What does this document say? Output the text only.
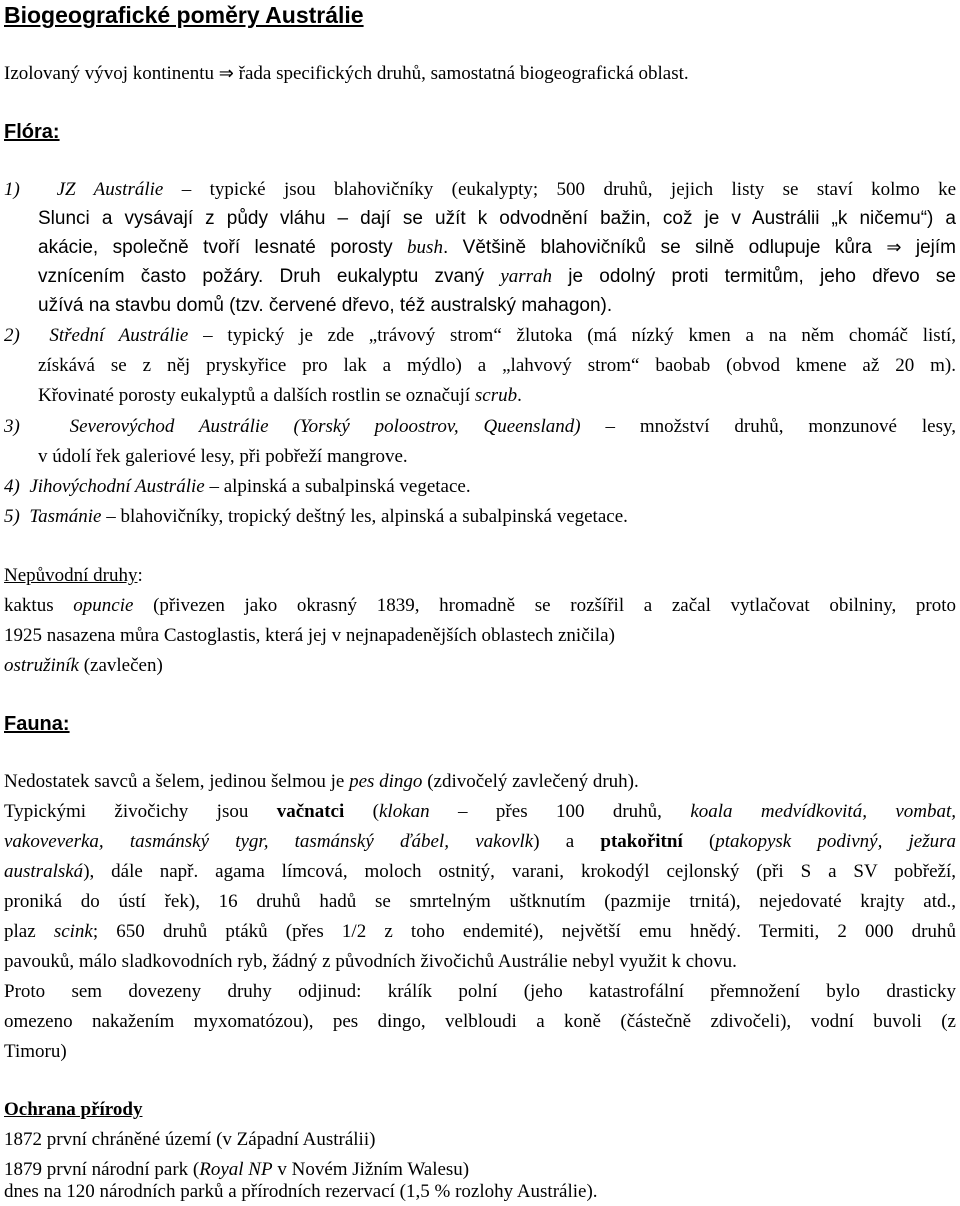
Biogeografické poměry Austrálie
Izolovaný vývoj kontinentu ⇒ řada specifických druhů, samostatná biogeografická oblast.
Flóra:
1) JZ Austrálie – typické jsou blahovičníky (eukalypty; 500 druhů, jejich listy se staví kolmo ke
Slunci a vysávají z půdy vláhu – dají se užít k odvodnění bažin, což je v Austrálii „k ničemu“) a
akácie, společně tvoří lesnaté porosty bush. Většině blahovičníků se silně odlupuje kůra ⇒ jejím
vznícením často požáry. Druh eukalyptu zvaný yarrah je odolný proti termitům, jeho dřevo se
užívá na stavbu domů (tzv. červené dřevo, též australský mahagon).
2) Střední Austrálie – typický je zde „trávový strom“ žlutoka (má nízký kmen a na něm chomáč listí,
získává se z něj pryskyřice pro lak a mýdlo) a „lahvový strom“ baobab (obvod kmene až 20 m).
Křovinaté porosty eukalyptů a dalších rostlin se označují scrub.
3)	Severovýchod Austrálie (Yorský poloostrov, Queensland) – množství druhů, monzunové lesy,
v údolí řek galeriové lesy, při pobřeží mangrove.
4) Jihovýchodní Austrálie – alpinská a subalpinská vegetace.
5) Tasmánie – blahovičníky, tropický deštný les, alpinská a subalpinská vegetace.
Nepůvodní druhy:
kaktus opuncie (přivezen jako okrasný 1839, hromadně se rozšířil a začal vytlačovat obilniny, proto
1925 nasazena můra Castoglastis, která jej v nejnapadenějších oblastech zničila)
ostružiník (zavlečen)
Fauna:
Nedostatek savců a šelem, jedinou šelmou je pes dingo (zdivočelý zavlečený druh).
Typickými živočichy jsou vačnatci (klokan – přes 100 druhů, koala medvídkovitá, vombat,
vakoveverka, tasmánský tygr, tasmánský ďábel, vakovlk) a ptakořitní (ptakopysk podivný, ježura
australská), dále např. agama límcová, moloch ostnitý, varani, krokodýl cejlonský (při S a SV pobřeží,
proniká do ústí řek), 16 druhů hadů se smrtelným uštknutím (pazmije trnitá), nejedovaté krajty atd.,
plaz scink; 650 druhů ptáků (přes 1/2 z toho endemité), největší emu hnědý. Termiti, 2 000 druhů
pavouků, málo sladkovodních ryb, žádný z původních živočichů Austrálie nebyl využit k chovu.
Proto sem dovezeny druhy odjinud: králík polní (jeho katastrofální přemnožení bylo drasticky
omezeno nakažením myxomatózou), pes dingo, velbloudi a koně (částečně zdivočeli), vodní buvoli (z
Timoru)
Ochrana přírody
1872 první chráněné území (v Západní Austrálii)
1879 první národní park (Royal NP v Novém Jižním Walesu)
dnes na 120 národních parků a přírodních rezervací (1,5 % rozlohy Austrálie).
